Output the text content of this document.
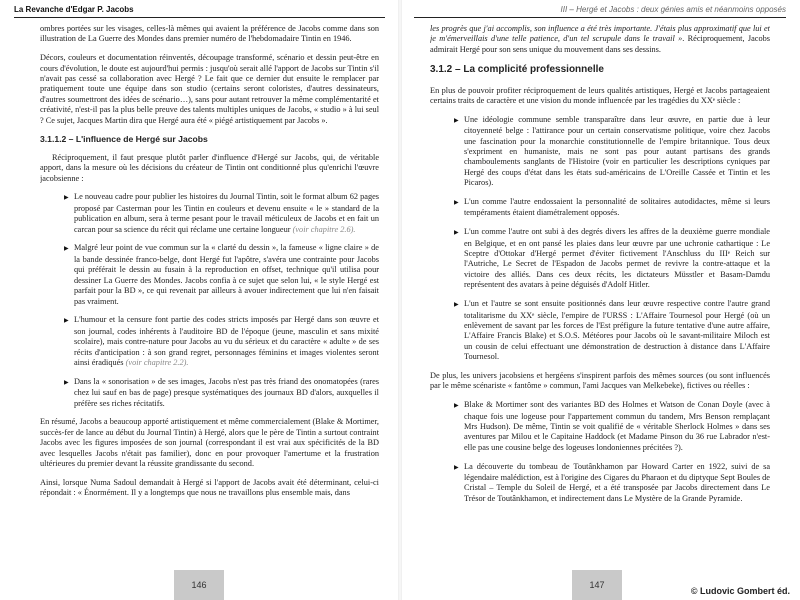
La Revanche d'Edgar P. Jacobs

ombres portées sur les visages, celles-là mêmes qui avaient la préférence de Jacobs comme dans son illustration de La Guerre des Mondes dans premier numéro de l'hebdomadaire Tintin en 1946.

Décors, couleurs et documentation réinventés, découpage transformé, scénario et dessin peut-être en cours d'évolution, le doute est aujourd'hui permis : jusqu'où serait allé l'apport de Jacobs sur Tintin s'il n'avait pas cessé sa collaboration avec Hergé ? Le fait que ce dernier dut ensuite le remplacer par pratiquement toute une équipe dans son studio (certains seront coloristes, d'autres dessinateurs, d'autres soumettront des idées de scénario…), sans pour autant retrouver la même complémentarité et créativité, n'est-il pas la plus belle preuve des talents multiples uniques de Jacobs, « studio » à lui seul ? Ce sujet, Jacques Martin dira que Hergé aura été « piégé artistiquement par Jacobs ».

3.1.1.2 – L'influence de Hergé sur Jacobs

Réciproquement, il faut presque plutôt parler d'influence d'Hergé sur Jacobs, qui, de véritable apport, dans la mesure où les décisions du créateur de Tintin ont conditionné plus qu'enrichi l'œuvre jacobsienne :

▶ Le nouveau cadre pour publier les histoires du Journal Tintin, soit le format album 62 pages proposé par Casterman pour les Tintin en couleurs et devenu ensuite « le » standard de la publication en album, sera à terme pesant pour le travail méticuleux de Jacobs et en fait un carcan pour sa science du récit qui réclame une certaine longueur (voir chapitre 2.6).

▶ Malgré leur point de vue commun sur la « clarté du dessin », la fameuse « ligne claire » de la bande dessinée franco-belge, dont Hergé fut l'apôtre, s'avéra une contrainte pour Jacobs qui préférait le dessin au fusain à la reproduction en offset, technique qu'il utilisa pour dessiner La Guerre des Mondes. Jacobs confia à ce sujet que selon lui, « le style Hergé est parfait pour la BD », ce qui revenait par ailleurs à avouer indirectement que lui n'en faisait pas vraiment.

▶ L'humour et la censure font partie des codes stricts imposés par Hergé dans son œuvre et son journal, codes inhérents à l'auditoire BD de l'époque (jeune, masculin et sans mixité scolaire), mais contre-nature pour Jacobs au vu du sérieux et du caractère « adulte » de ses récits d'anticipation : à son grand regret, personnages féminins et images violentes seront ainsi éradiqués (voir chapitre 2.2).

▶ Dans la « sonorisation » de ses images, Jacobs n'est pas très friand des onomatopées (rares chez lui sauf en bas de page) presque systématiques des journaux BD d'alors, auxquelles il préfère ses riches récitatifs.

En résumé, Jacobs a beaucoup apporté artistiquement et même commercialement (Blake & Mortimer, succès-fer de lance au début du Journal Tintin) à Hergé, alors que le père de Tintin a surtout contraint Jacobs avec les figures imposées de son journal (correspondant il est vrai aux spécificités de la BD avec lesquelles Jacobs n'était pas familier), donc en pour provoquer l'amertume et la frustration ultérieures du premier devant la réussite grandissante du second.

Ainsi, lorsque Numa Sadoul demandait à Hergé si l'apport de Jacobs avait été déterminant, celui-ci répondait : « Énormément. Il y a longtemps que nous ne travaillons plus ensemble mais, dans

146
III – Hergé et Jacobs : deux génies amis et néanmoins opposés

les progrès que j'ai accomplis, son influence a été très importante. J'étais plus approximatif que lui et je m'émerveillais d'une telle patience, d'un tel scrupule dans le travail ». Réciproquement, Jacobs admirait Hergé pour son sens unique du mouvement dans ses dessins.

3.1.2 – La complicité professionnelle

En plus de pouvoir profiter réciproquement de leurs qualités artistiques, Hergé et Jacobs partageaient certains traits de caractère et une vision du monde influencée par les tragédies du XXᵉ siècle :

▶ Une idéologie commune semble transparaître dans leur œuvre, en partie due à leur citoyenneté belge : l'attirance pour un certain conservatisme politique, voire chez Jacobs une fascination pour la monarchie constitutionnelle de l'empire britannique. Tous deux s'expriment en humaniste, mais ne sont pas pour autant partisans des grands chamboulements sanglants de l'Histoire (voir en particulier les descriptions cyniques par Hergé des coups d'état dans les états sud-américains de L'Oreille Cassée et Tintin et les Picaros).

▶ L'un comme l'autre endossaient la personnalité de solitaires autodidactes, même si leurs tempéraments étaient diamétralement opposés.

▶ L'un comme l'autre ont subi à des degrés divers les affres de la deuxième guerre mondiale en Belgique, et en ont pansé les plaies dans leur œuvre par une uchronie cathartique : Le Sceptre d'Ottokar d'Hergé permet d'éviter fictivement l'Anschluss du IIIᵉ Reich sur l'Autriche, Le Secret de l'Espadon de Jacobs permet de revivre la contre-attaque et la victoire des alliés. Dans ces deux récits, les dictateurs Müsstler et Basam-Damdu représentent des avatars à peine déguisés d'Adolf Hitler.

▶ L'un et l'autre se sont ensuite positionnés dans leur œuvre respective contre l'autre grand totalitarisme du XXᵉ siècle, l'empire de l'URSS : L'Affaire Tournesol pour Hergé (où un enlèvement de savant par les forces de l'Est préfigure la future tentative d'une autre affaire, L'Affaire Francis Blake) et S.O.S. Météores pour Jacobs où le savant-militaire Miloch est un cousin de celui effectuant une démonstration de destruction à distance dans L'Affaire Tournesol.

De plus, les univers jacobsiens et hergéens s'inspirent parfois des mêmes sources (ou sont influencés par le même scénariste « fantôme » commun, l'ami Jacques van Melkebeke), fictives ou réelles :

▶ Blake & Mortimer sont des variantes BD des Holmes et Watson de Conan Doyle (avec à chaque fois une logeuse pour l'appartement commun du tandem, Mrs Benson remplaçant Mrs Hudson). De même, Tintin se voit qualifié de « véritable Sherlock Holmes » dans ses aventures par Milou et le Capitaine Haddock (et Madame Pinson du 36 rue Labrador n'est-elle pas une cousine belge des logeuses londoniennes précitées ?).

▶ La découverte du tombeau de Toutânkhamon par Howard Carter en 1922, suivi de sa légendaire malédiction, est à l'origine des Cigares du Pharaon et du diptyque Sept Boules de Cristal – Temple du Soleil de Hergé, et a été transposée par Jacobs directement dans Le Trésor de Toutânkhamon, et indirectement dans Le Mystère de la Grande Pyramide.

147
© Ludovic Gombert éd.
